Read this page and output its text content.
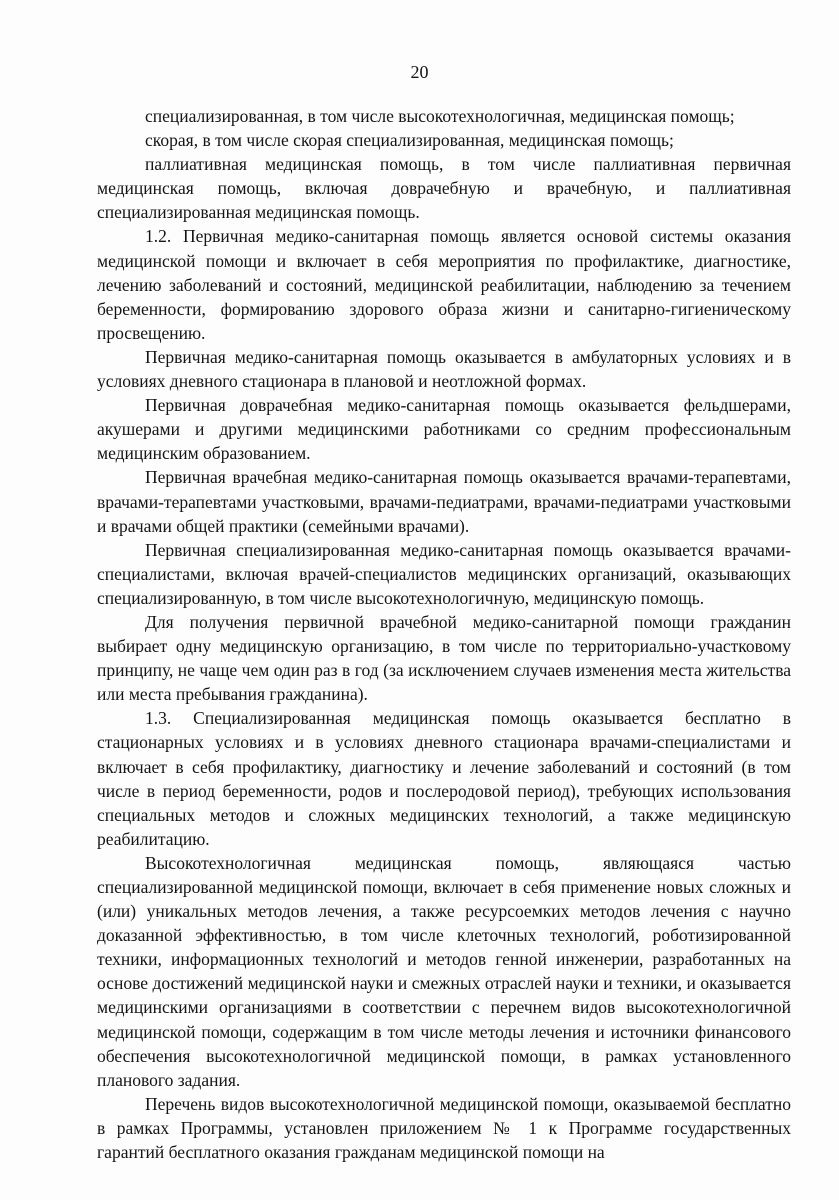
20

специализированная, в том числе высокотехнологичная, медицинская помощь;

скорая, в том числе скорая специализированная, медицинская помощь;

паллиативная медицинская помощь, в том числе паллиативная первичная медицинская помощь, включая доврачебную и врачебную, и паллиативная специализированная медицинская помощь.

1.2. Первичная медико-санитарная помощь является основой системы оказания медицинской помощи и включает в себя мероприятия по профилактике, диагностике, лечению заболеваний и состояний, медицинской реабилитации, наблюдению за течением беременности, формированию здорового образа жизни и санитарно-гигиеническому просвещению.

Первичная медико-санитарная помощь оказывается в амбулаторных условиях и в условиях дневного стационара в плановой и неотложной формах.

Первичная доврачебная медико-санитарная помощь оказывается фельдшерами, акушерами и другими медицинскими работниками со средним профессиональным медицинским образованием.

Первичная врачебная медико-санитарная помощь оказывается врачами-терапевтами, врачами-терапевтами участковыми, врачами-педиатрами, врачами-педиатрами участковыми и врачами общей практики (семейными врачами).

Первичная специализированная медико-санитарная помощь оказывается врачами-специалистами, включая врачей-специалистов медицинских организаций, оказывающих специализированную, в том числе высокотехнологичную, медицинскую помощь.

Для получения первичной врачебной медико-санитарной помощи гражданин выбирает одну медицинскую организацию, в том числе по территориально-участковому принципу, не чаще чем один раз в год (за исключением случаев изменения места жительства или места пребывания гражданина).

1.3. Специализированная медицинская помощь оказывается бесплатно в стационарных условиях и в условиях дневного стационара врачами-специалистами и включает в себя профилактику, диагностику и лечение заболеваний и состояний (в том числе в период беременности, родов и послеродовой период), требующих использования специальных методов и сложных медицинских технологий, а также медицинскую реабилитацию.

Высокотехнологичная медицинская помощь, являющаяся частью специализированной медицинской помощи, включает в себя применение новых сложных и (или) уникальных методов лечения, а также ресурсоемких методов лечения с научно доказанной эффективностью, в том числе клеточных технологий, роботизированной техники, информационных технологий и методов генной инженерии, разработанных на основе достижений медицинской науки и смежных отраслей науки и техники, и оказывается медицинскими организациями в соответствии с перечнем видов высокотехнологичной медицинской помощи, содержащим в том числе методы лечения и источники финансового обеспечения высокотехнологичной медицинской помощи, в рамках установленного планового задания.

Перечень видов высокотехнологичной медицинской помощи, оказываемой бесплатно в рамках Программы, установлен приложением № 1 к Программе государственных гарантий бесплатного оказания гражданам медицинской помощи на
